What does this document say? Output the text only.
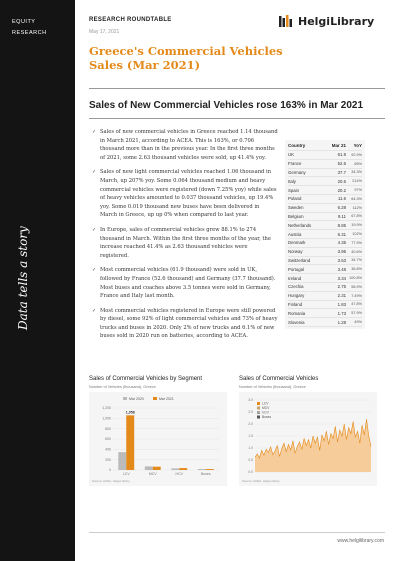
EQUITY
RESEARCH
Data tells a story
RESEARCH ROUNDTABLE
May 17, 2021
HelgiLibrary
Greece's Commercial Vehicles Sales (Mar 2021)
Sales of New Commercial Vehicles rose 163% in Mar 2021
✓ Sales of new commercial vehicles in Greece reached 1.14 thousand in March 2021, according to ACEA. This is 163%, or 0.706 thousand more than in the previous year. In the first three months of 2021, some 2.63 thousand vehicles were sold, up 41.4% yoy.
✓ Sales of new light commercial vehicles reached 1.06 thousand in March, up 207% yoy. Some 0.064 thousand medium and heavy commercial vehicles were registered (down 7.25% yoy) while sales of heavy vehicles amounted to 0.037 thousand vehicles, up 19.4% yoy. Some 0.019 thousand new buses have been delivered in March in Greece, up up 0% when compared to last year.
✓ In Europe, sales of commercial vehicles grew 88.1% to 274 thousand in March. Within the first three months of the year, the increase reached 41.4% as 2.63 thousand vehicles were registered.
✓ Most commercial vehicles (61.9 thousand) were sold in UK, followed by France (52.6 thousand) and Germany (37.7 thousand). Most buses and coaches above 3.5 tonnes were sold in Germany, France and Italy last month.
✓ Most commercial vehicles registered in Europe were still powered by diesel, some 92% of light commercial vehicles and 73% of heavy trucks and buses in 2020. Only 2% of new trucks and 6.1% of new buses sold in 2020 run on batteries, according to ACEA.
Country	Mar 21	YoY
UK	61.9	92.9%
France	52.6	65%
Germany	37.7	34.3%
Italy	20.6	214%
Spain	20.2	97%
Poland	11.6	64.3%
Sweden	6.28	112%
Belgium	9.11	67.8%
Netherlands	8.85	19.9%
Austria	6.31	102%
Denmark	4.35	77.9%
Norway	3.95	40.6%
Switzerland	3.53	34.7%
Portugal	3.48	36.8%
Ireland	3.34	100.8%
Czechia	2.75	58.9%
Hungary	2.31	7.49%
Finland	1.83	47.8%
Romania	1.73	57.9%
Slovenia	1.28	49%
Sales of Commercial Vehicles by Segment
Number of Vehicles (thousand), Greece
Mar 2020	Mar 2021
1,200
1,000
800
600
400
200
0
LCV	MCV	HCV	Buses
1,058
Source: ACEA, Helgi Library
Sales of Commercial Vehicles
Number of Vehicles (thousand), Greece
LCV
MCV
HCV
Buses
3.0
2.5
2.0
1.5
1.0
0.5
0.0
Source: ACEA, Helgi Library
www.helgilibrary.com
